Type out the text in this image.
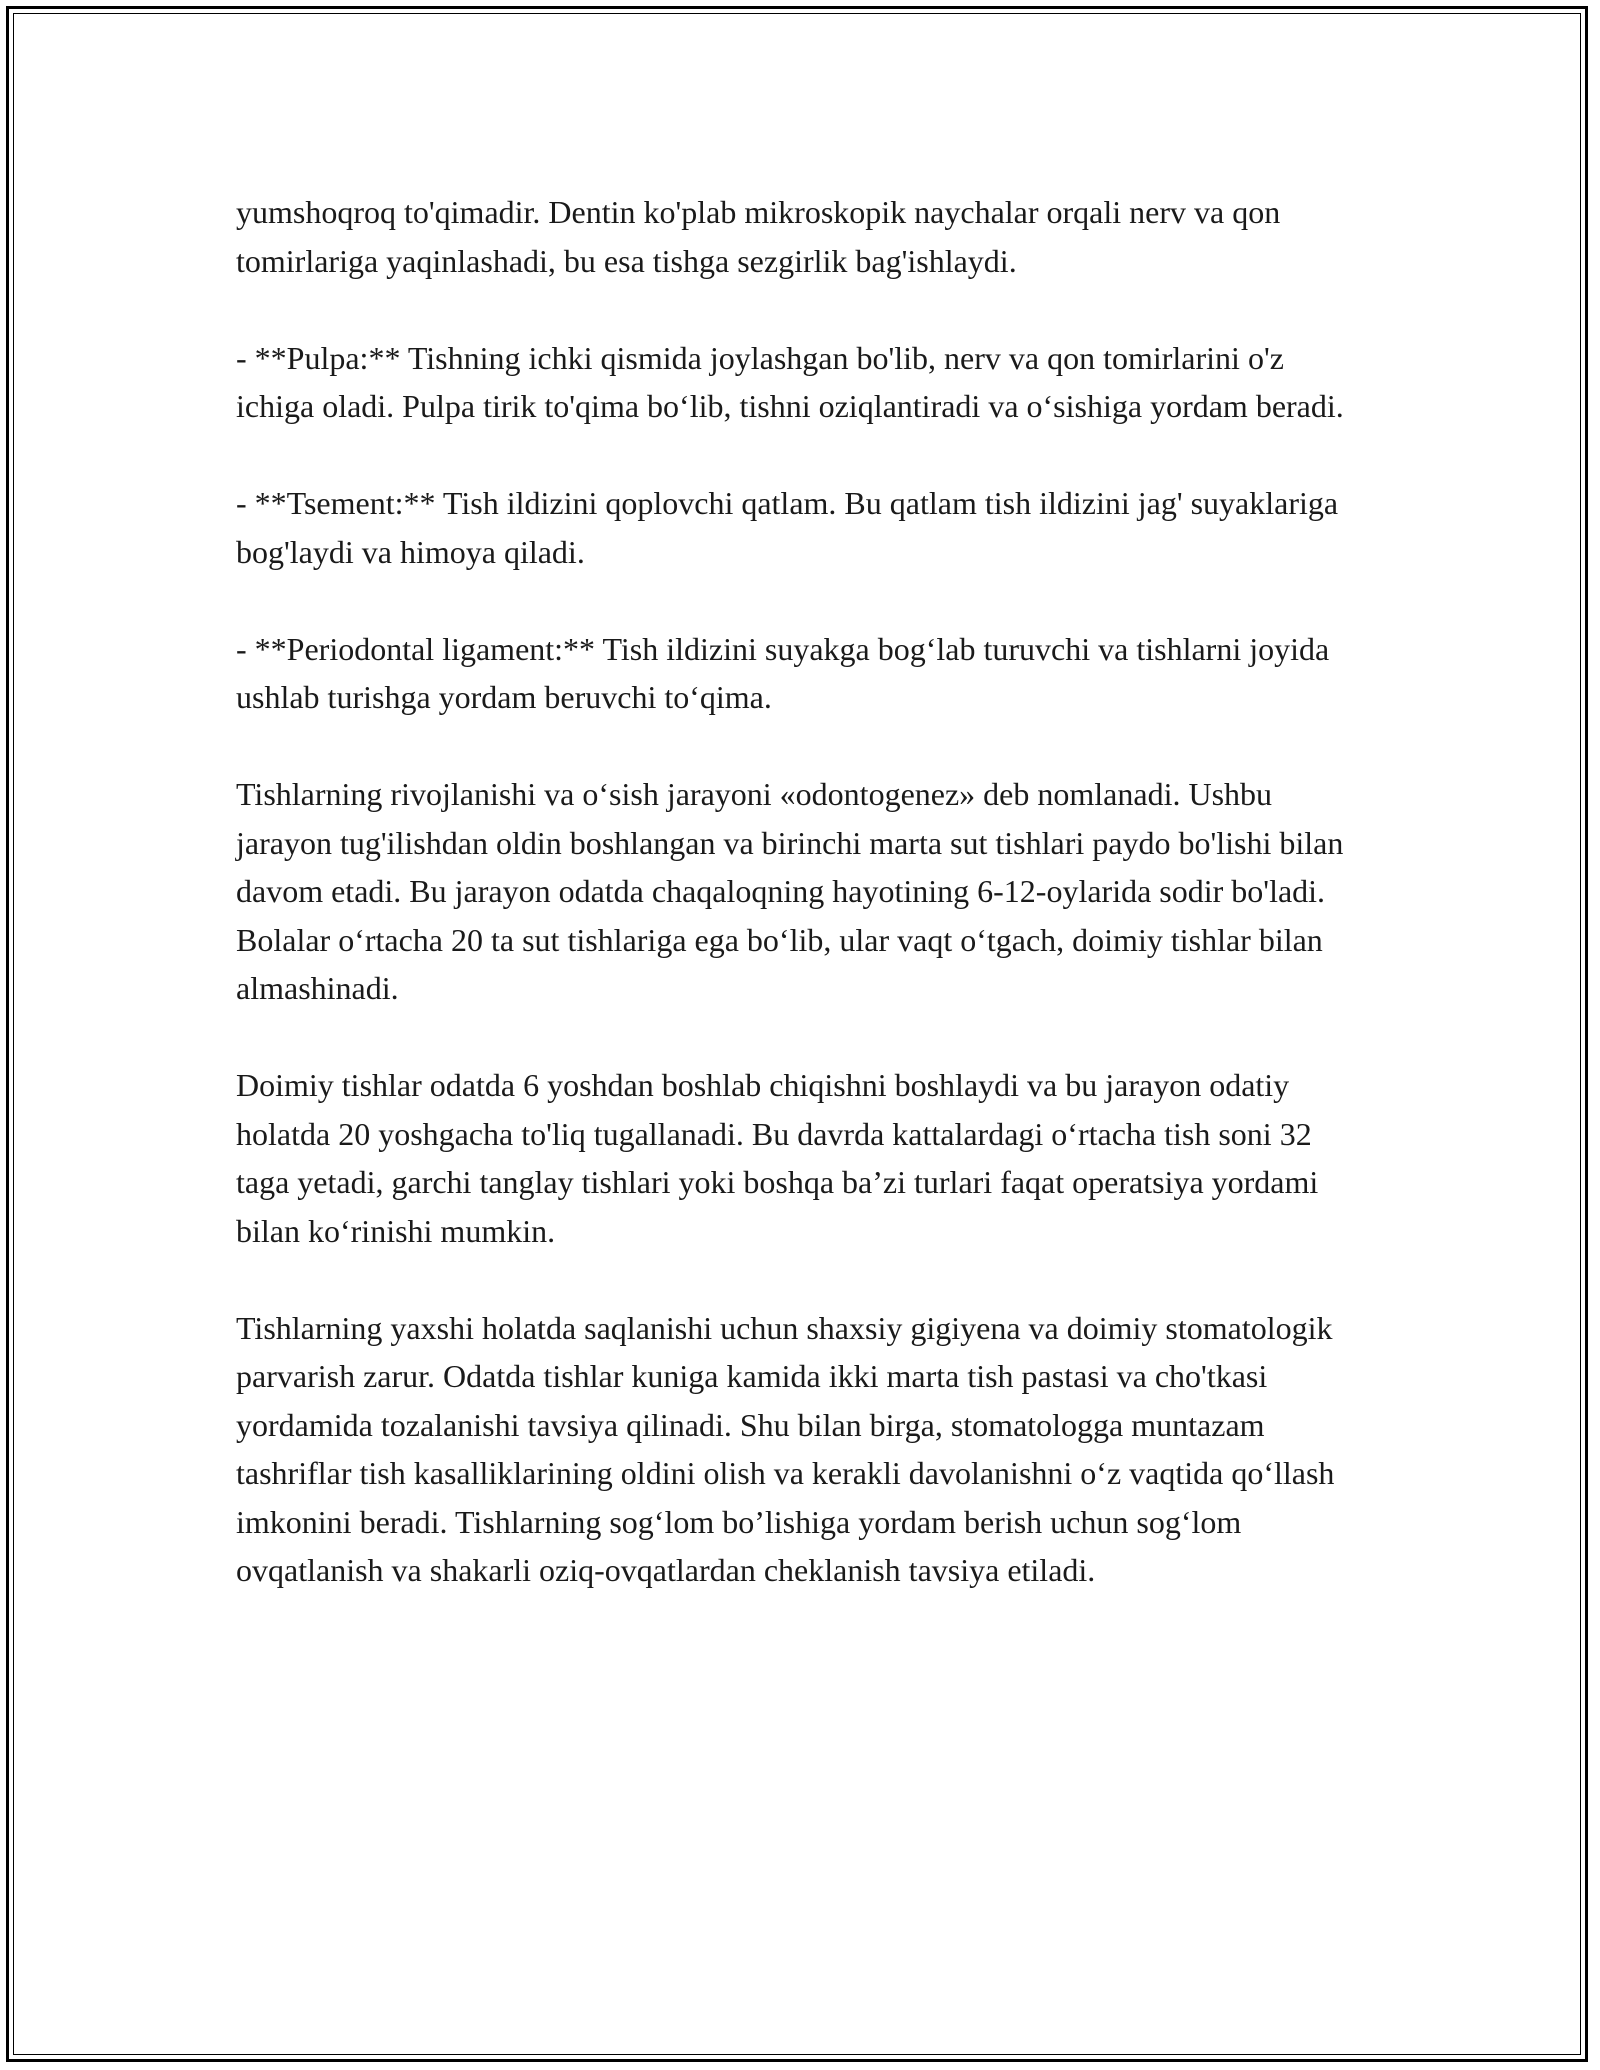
yumshoqroq to'qimadir. Dentin ko'plab mikroskopik naychalar orqali nerv va qon tomirlariga yaqinlashadi, bu esa tishga sezgirlik bag'ishlaydi.

- **Pulpa:** Tishning ichki qismida joylashgan bo'lib, nerv va qon tomirlarini o'z ichiga oladi. Pulpa tirik to'qima bo‘lib, tishni oziqlantiradi va o‘sishiga yordam beradi.

- **Tsement:** Tish ildizini qoplovchi qatlam. Bu qatlam tish ildizini jag' suyaklariga bog'laydi va himoya qiladi.

- **Periodontal ligament:** Tish ildizini suyakga bog‘lab turuvchi va tishlarni joyida ushlab turishga yordam beruvchi to‘qima.

Tishlarning rivojlanishi va o‘sish jarayoni «odontogenez» deb nomlanadi. Ushbu jarayon tug'ilishdan oldin boshlangan va birinchi marta sut tishlari paydo bo'lishi bilan davom etadi. Bu jarayon odatda chaqaloqning hayotining 6-12-oylarida sodir bo'ladi. Bolalar o‘rtacha 20 ta sut tishlariga ega bo‘lib, ular vaqt o‘tgach, doimiy tishlar bilan almashinadi.

Doimiy tishlar odatda 6 yoshdan boshlab chiqishni boshlaydi va bu jarayon odatiy holatda 20 yoshgacha to'liq tugallanadi. Bu davrda kattalardagi o‘rtacha tish soni 32 taga yetadi, garchi tanglay tishlari yoki boshqa ba’zi turlari faqat operatsiya yordami bilan ko‘rinishi mumkin.

Tishlarning yaxshi holatda saqlanishi uchun shaxsiy gigiyena va doimiy stomatologik parvarish zarur. Odatda tishlar kuniga kamida ikki marta tish pastasi va cho'tkasi yordamida tozalanishi tavsiya qilinadi. Shu bilan birga, stomatologga muntazam tashriflar tish kasalliklarining oldini olish va kerakli davolanishni o‘z vaqtida qo‘llash imkonini beradi. Tishlarning sog‘lom bo’lishiga yordam berish uchun sog‘lom ovqatlanish va shakarli oziq-ovqatlardan cheklanish tavsiya etiladi.
